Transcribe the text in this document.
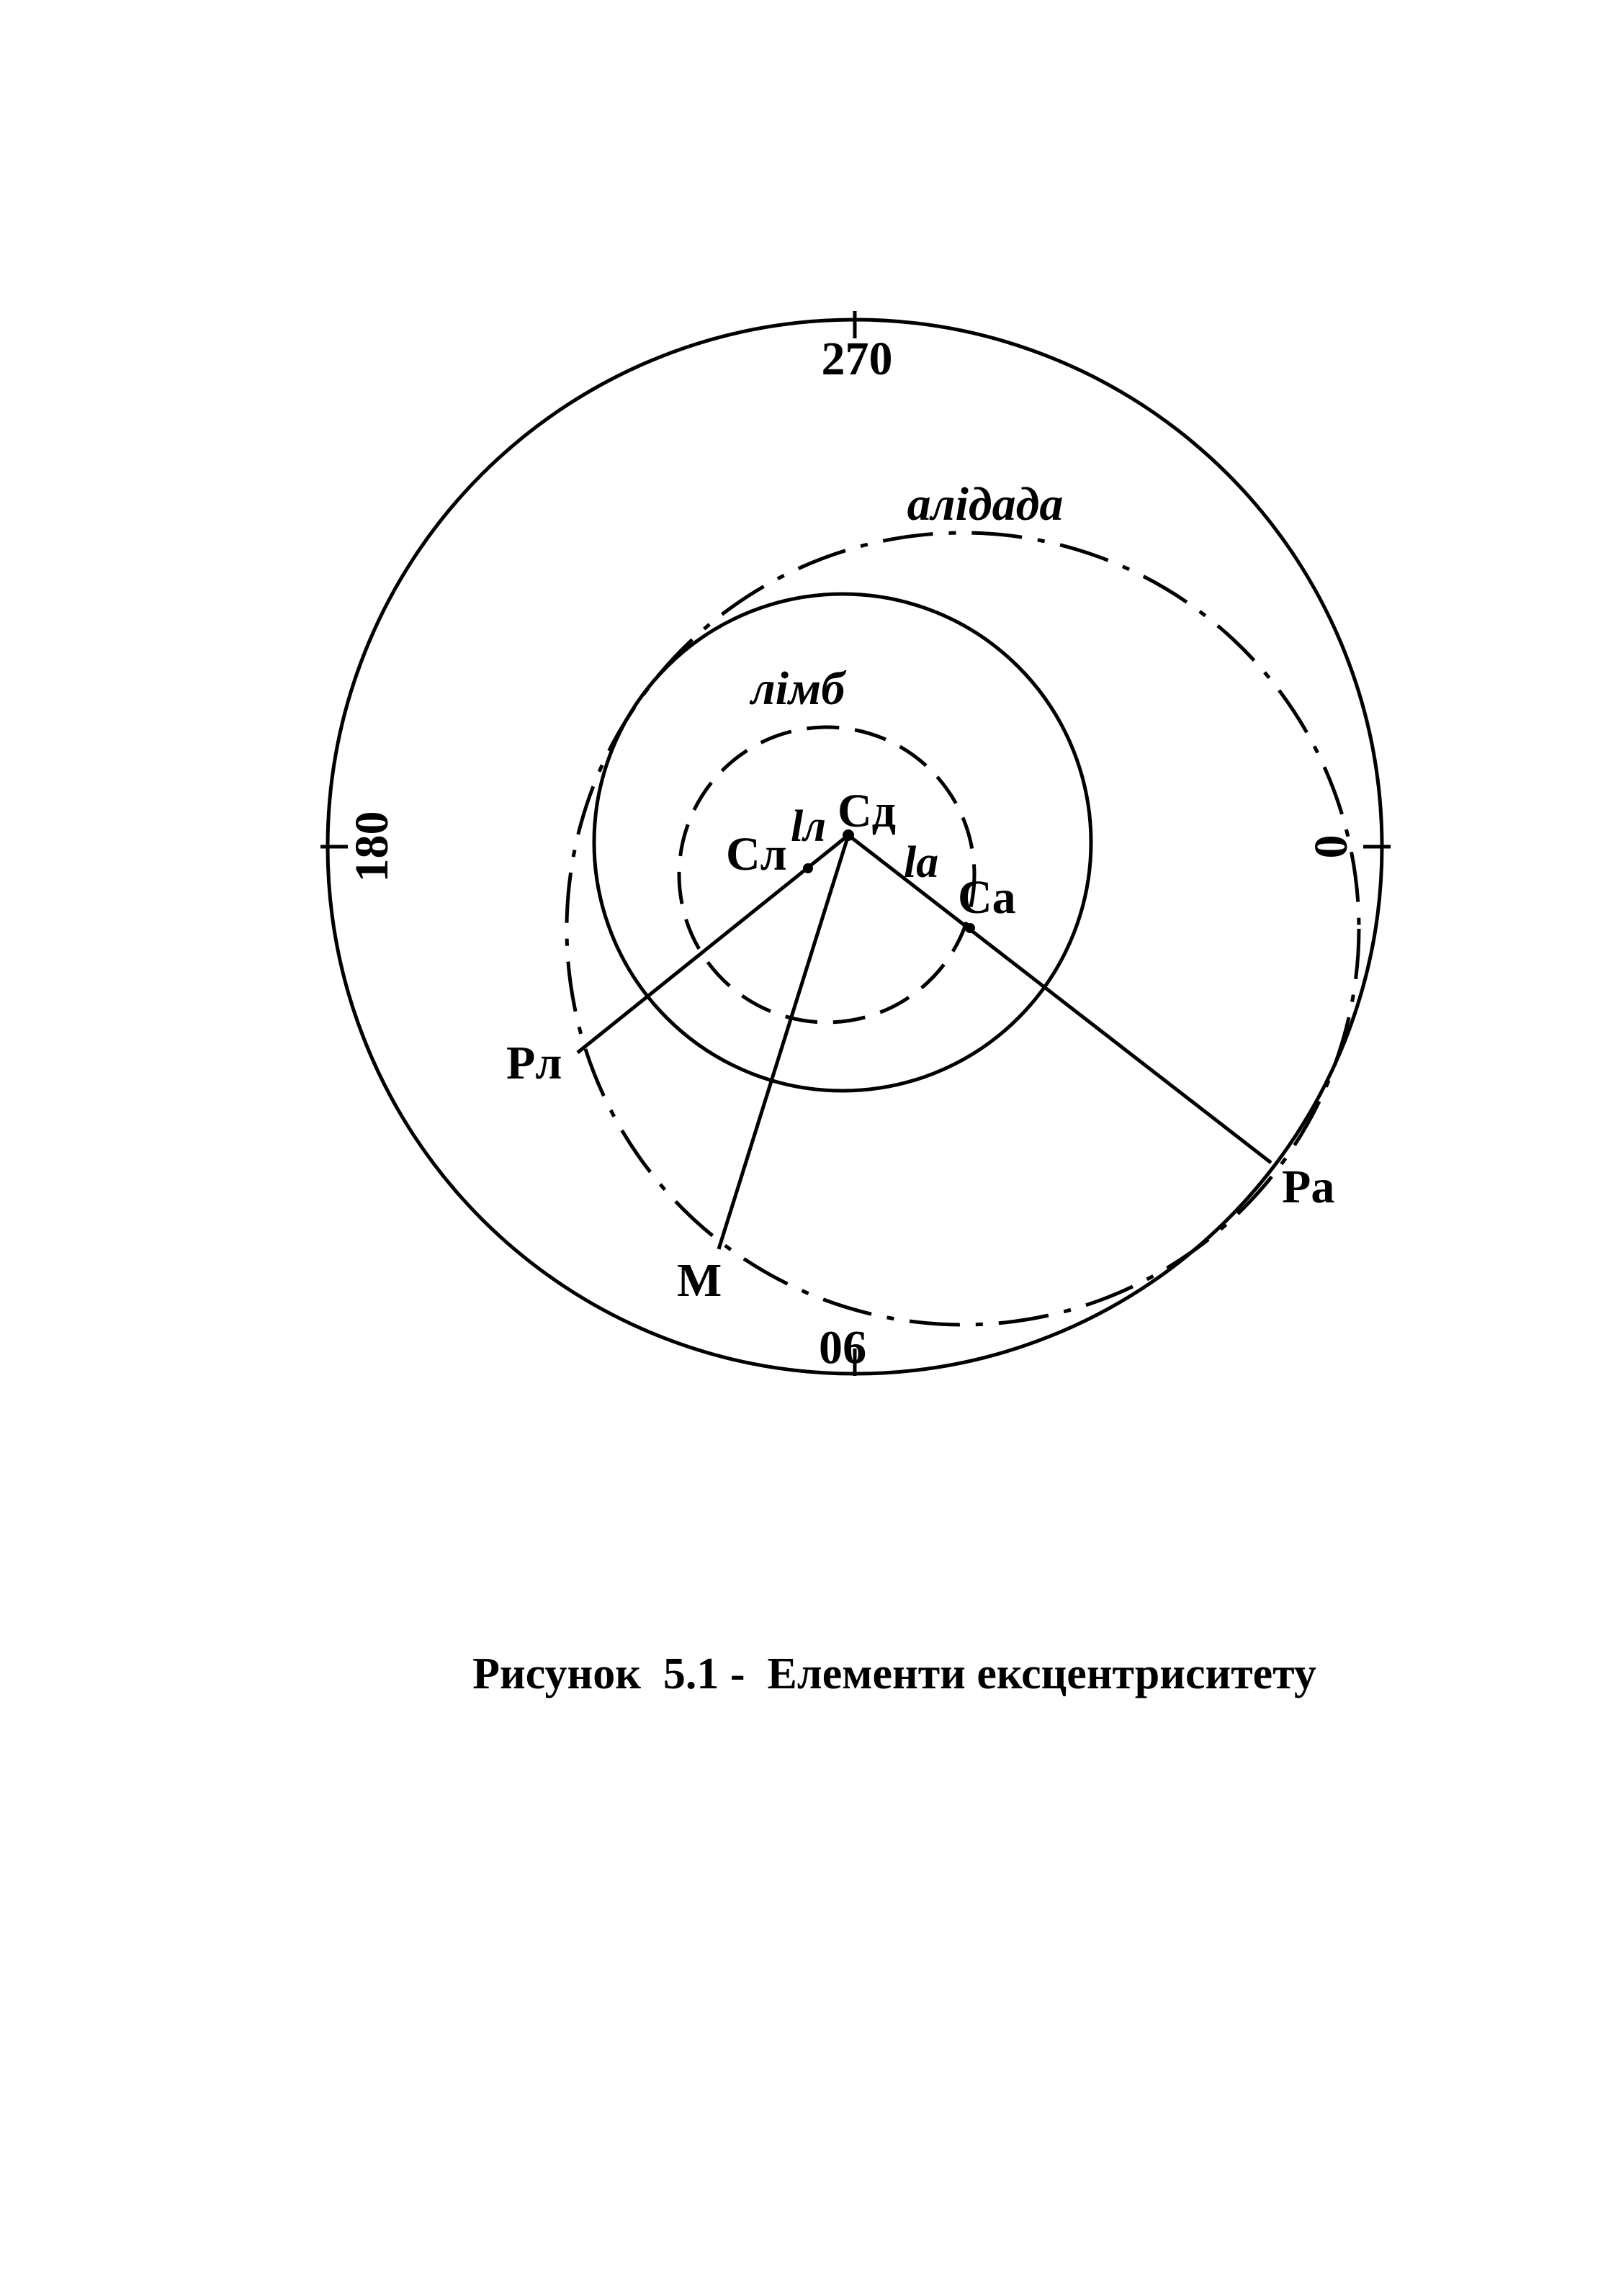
270
180	0
90
алідада
лімб
Сд
Сл
Са
Рл
Ра
М
lл
la
Рисунок  5.1 -  Елементи ексцентриситету
